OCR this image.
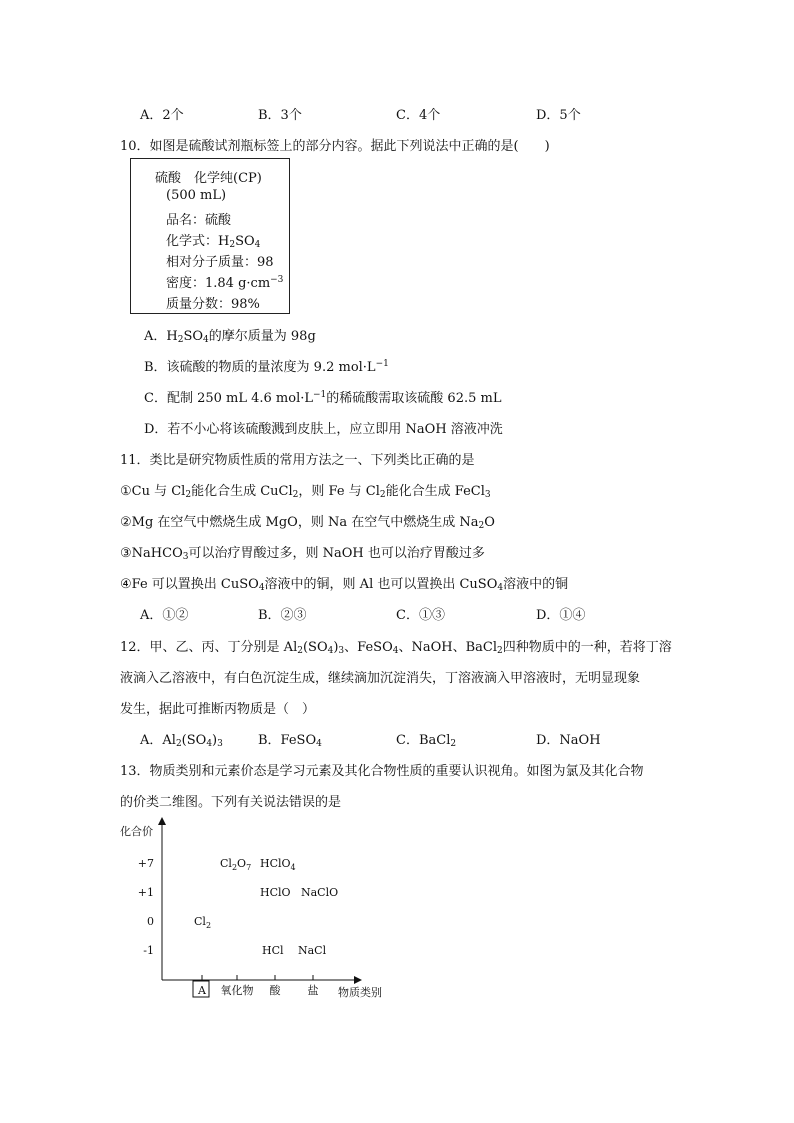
A．2个	B．3个	C．4个	D．5个
10．如图是硫酸试剂瓶标签上的部分内容。据此下列说法中正确的是(　　)
硫酸　化学纯(CP)
(500 mL)
品名：硫酸
化学式：$H_2SO_4$
相对分子质量：98
密度：1.84 $g\cdot cm^{-3}$
质量分数：98%
A．$H_2SO_4$的摩尔质量为 98g
B．该硫酸的物质的量浓度为 9.2 $mol\cdot L^{-1}$
C．配制 250 mL 4.6 $mol\cdot L^{-1}$的稀硫酸需取该硫酸 62.5 mL
D．若不小心将该硫酸溅到皮肤上，应立即用 NaOH 溶液冲洗
11．类比是研究物质性质的常用方法之一、下列类比正确的是
①Cu 与 $Cl_2$能化合生成 CuCl$_2$，则 Fe 与 $Cl_2$能化合生成 FeCl$_3$
②Mg 在空气中燃烧生成 MgO，则 Na 在空气中燃烧生成 $Na_2O$
③NaHCO$_3$可以治疗胃酸过多，则 NaOH 也可以治疗胃酸过多
④Fe 可以置换出 CuSO$_4$溶液中的铜，则 Al 也可以置换出 CuSO$_4$溶液中的铜
A．①②	B．②③	C．①③	D．①④
12．甲、乙、丙、丁分别是 $Al_2(SO_4)_3$、FeSO$_4$、NaOH、BaCl$_2$四种物质中的一种，若将丁溶
液滴入乙溶液中，有白色沉淀生成，继续滴加沉淀消失，丁溶液滴入甲溶液时，无明显现象
发生，据此可推断丙物质是（　）
A．$Al_2(SO_4)_3$	B．FeSO$_4$	C．BaCl$_2$	D．NaOH
13．物质类别和元素价态是学习元素及其化合物性质的重要认识视角。如图为氯及其化合物
的价类二维图。下列有关说法错误的是
化合价
物质类别
+7
+1
0
-1
A 氧化物 酸 盐
$Cl_2$
$Cl_2O_7$ HClO$_4$
HClO NaClO
HCl NaCl
